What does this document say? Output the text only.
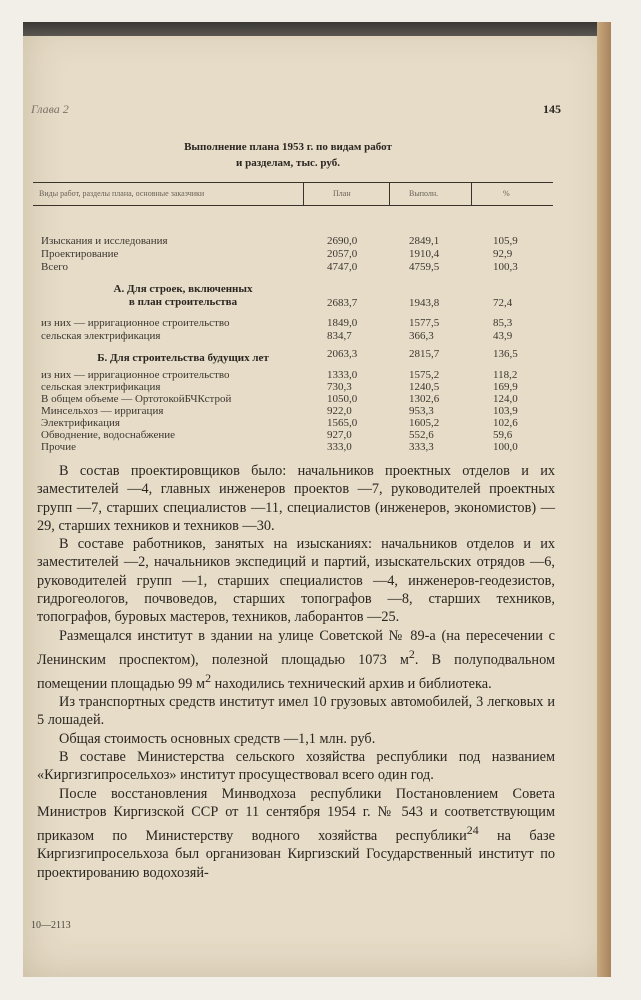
Глава 2	145
Выполнение плана 1953 г. по видам работ
и разделам, тыс. руб.
Виды работ, разделы плана, основные заказчики	План	Выполн.	%
Изыскания и исследования	2690,0	2849,1	105,9
Проектирование	2057,0	1910,4	92,9
Всего	4747,0	4759,5	100,3
А. Для строек, включенных
в план строительства	2683,7	1943,8	72,4
из них — ирригационное строительство	1849,0	1577,5	85,3
сельская электрификация	834,7	366,3	43,9
Б. Для строительства будущих лет	2063,3	2815,7	136,5
из них — ирригационное строительство	1333,0	1575,2	118,2
сельская электрификация	730,3	1240,5	169,9
В общем объеме — ОртотокойБЧКстрой	1050,0	1302,6	124,0
Минсельхоз — ирригация	922,0	953,3	103,9
Электрификация	1565,0	1605,2	102,6
Обводнение, водоснабжение	927,0	552,6	59,6
Прочие	333,0	333,3	100,0

В состав проектировщиков было: начальников проектных отделов и их заместителей —4, главных инженеров проектов —7, руководителей проектных групп —7, старших специалистов —11, специалистов (инженеров, экономистов) —29, старших техников и техников —30.

В составе работников, занятых на изысканиях: начальников отделов и их заместителей —2, начальников экспедиций и партий, изыскательских отрядов —6, руководителей групп —1, старших специалистов —4, инженеров-геодезистов, гидрогеологов, почвоведов, старших топографов —8, старших техников, топографов, буровых мастеров, техников, лаборантов —25.

Размещался институт в здании на улице Советской № 89-а (на пересечении с Ленинским проспектом), полезной площадью 1073 $м^2$. В полуподвальном помещении площадью 99 $м^2$ находились технический архив и библиотека.

Из транспортных средств институт имел 10 грузовых автомобилей, 3 легковых и 5 лошадей.

Общая стоимость основных средств —1,1 млн. руб.

В составе Министерства сельского хозяйства республики под названием «Киргизгипросельхоз» институт просуществовал всего один год.

После восстановления Минводхоза республики Постановлением Совета Министров Киргизской ССР от 11 сентября 1954 г. № 543 и соответствующим приказом по Министерству водного хозяйства республики$^{24}$ на базе Киргизгипросельхоза был организован Киргизский Государственный институт по проектированию водохозяй-

10—2113
